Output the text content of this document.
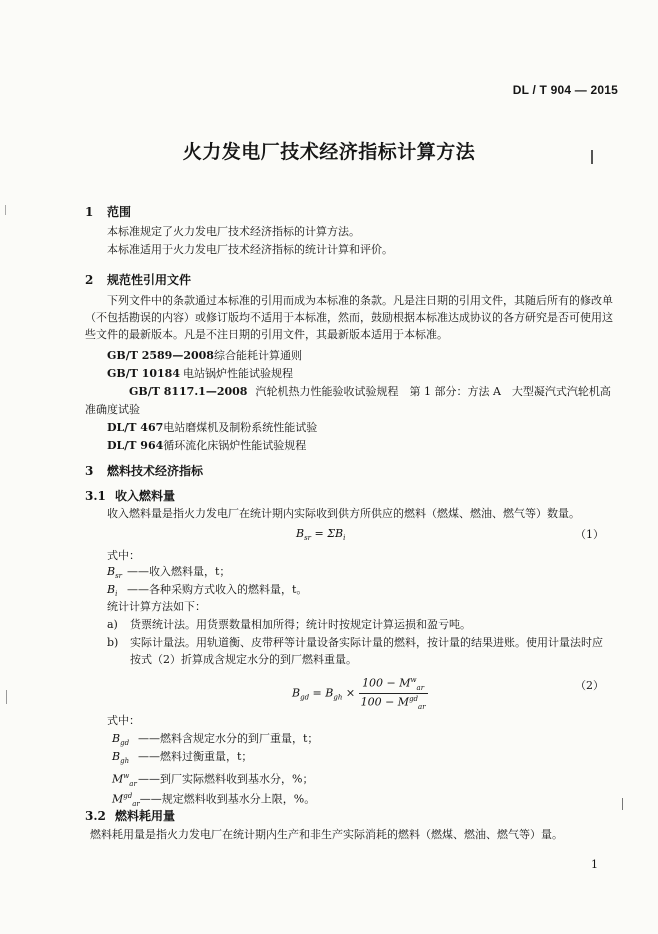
DL / T 904 — 2015
火力发电厂技术经济指标计算方法
1 范围
本标准规定了火力发电厂技术经济指标的计算方法。
本标准适用于火力发电厂技术经济指标的统计计算和评价。
2 规范性引用文件
下列文件中的条款通过本标准的引用而成为本标准的条款。凡是注日期的引用文件，其随后所有的修改单（不包括勘误的内容）或修订版均不适用于本标准，然而，鼓励根据本标准达成协议的各方研究是否可使用这些文件的最新版本。凡是不注日期的引用文件，其最新版本适用于本标准。
GB/T 2589—2008综合能耗计算通则
GB/T 10184 电站锅炉性能试验规程
GB/T 8117.1—2008 汽轮机热力性能验收试验规程　第 1 部分：方法 A　大型凝汽式汽轮机高准确度试验
DL/T 467电站磨煤机及制粉系统性能试验
DL/T 964循环流化床锅炉性能试验规程
3 燃料技术经济指标
3.1 收入燃料量
收入燃料量是指火力发电厂在统计期内实际收到供方所供应的燃料（燃煤、燃油、燃气等）数量。
$B_{sr} = \Sigma B_i$	（1）
式中：
$B_{sr}$ ——收入燃料量，t；
$B_i$ ——各种采购方式收入的燃料量，t。
统计计算方法如下：
a) 货票统计法。用货票数量相加所得；统计时按规定计算运损和盈亏吨。
b) 实际计量法。用轨道衡、皮带秤等计量设备实际计量的燃料，按计量的结果进账。使用计量法时应按式（2）折算成含规定水分的到厂燃料重量。
$B_{gd} = B_{gh} \times \frac{100 - M^w_{ar}}{100 - M^{gd}_{ar}}$	（2）
式中：
$B_{gd}$ ——燃料含规定水分的到厂重量，t；
$B_{gh}$ ——燃料过衡重量，t；
$M^w_{ar}——$到厂实际燃料收到基水分，%；
$M^{gd}_{ar}——$规定燃料收到基水分上限，%。
3.2 燃料耗用量
燃料耗用量是指火力发电厂在统计期内生产和非生产实际消耗的燃料（燃煤、燃油、燃气等）量。
1
